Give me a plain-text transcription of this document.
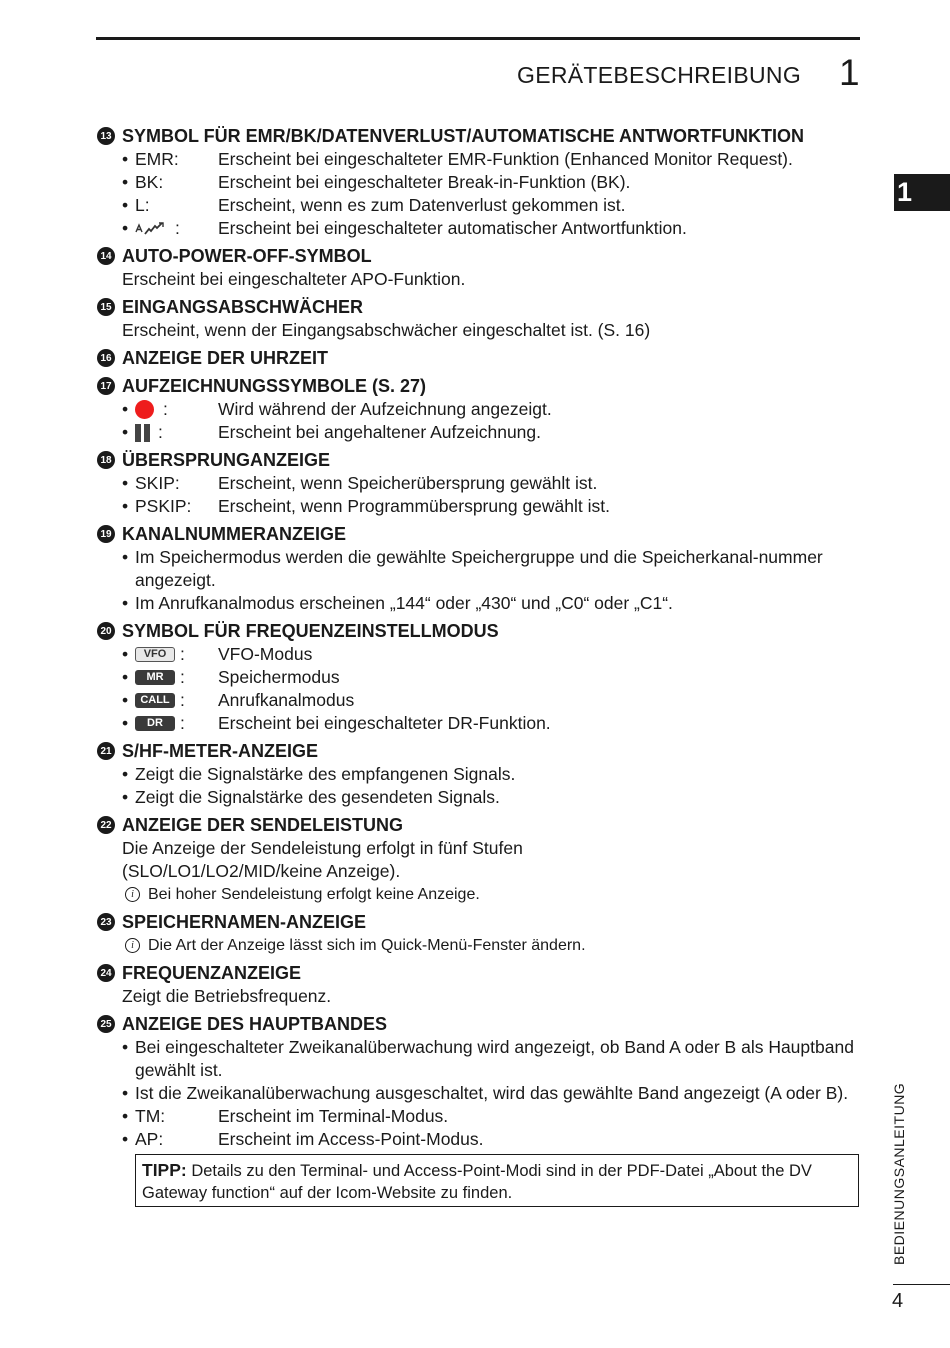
GERÄTEBESCHREIBUNG 1
1
BEDIENUNGSANLEITUNG
4
13 SYMBOL FÜR EMR/BK/DATENVERLUST/AUTOMATISCHE ANTWORTFUNKTION
• EMR:	Erscheint bei eingeschalteter EMR-Funktion (Enhanced Monitor Request).
• BK:	Erscheint bei eingeschalteter Break-in-Funktion (BK).
• L:	Erscheint, wenn es zum Datenverlust gekommen ist.
•	: Erscheint bei eingeschalteter automatischer Antwortfunktion.
14 AUTO-POWER-OFF-SYMBOL
Erscheint bei eingeschalteter APO-Funktion.
15 EINGANGSABSCHWÄCHER
Erscheint, wenn der Eingangsabschwächer eingeschaltet ist. (S. 16)
16 ANZEIGE DER UHRZEIT
17 AUFZEICHNUNGSSYMBOLE (S. 27)
•	:	Wird während der Aufzeichnung angezeigt.
•	:	Erscheint bei angehaltener Aufzeichnung.
18 ÜBERSPRUNGANZEIGE
• SKIP:	Erscheint, wenn Speicherübersprung gewählt ist.
• PSKIP:	Erscheint, wenn Programmübersprung gewählt ist.
19 KANALNUMMERANZEIGE
• Im Speichermodus werden die gewählte Speichergruppe und die Speicherkanal-nummer angezeigt.
• Im Anrufkanalmodus erscheinen „144“ oder „430“ und „C0“ oder „C1“.
20 SYMBOL FÜR FREQUENZEINSTELLMODUS
•	VFO : VFO-Modus
•	MR : Speichermodus
•	CALL : Anrufkanalmodus
•	DR : Erscheint bei eingeschalteter DR-Funktion.
21 S/HF-METER-ANZEIGE
• Zeigt die Signalstärke des empfangenen Signals.
• Zeigt die Signalstärke des gesendeten Signals.
22 ANZEIGE DER SENDELEISTUNG
Die Anzeige der Sendeleistung erfolgt in fünf Stufen
(SLO/LO1/LO2/MID/keine Anzeige).
i Bei hoher Sendeleistung erfolgt keine Anzeige.
23 SPEICHERNAMEN-ANZEIGE
i Die Art der Anzeige lässt sich im Quick-Menü-Fenster ändern.
24 FREQUENZANZEIGE
Zeigt die Betriebsfrequenz.
25 ANZEIGE DES HAUPTBANDES
• Bei eingeschalteter Zweikanalüberwachung wird angezeigt, ob Band A oder B als Hauptband gewählt ist.
• Ist die Zweikanalüberwachung ausgeschaltet, wird das gewählte Band angezeigt (A oder B).
• TM:	Erscheint im Terminal-Modus.
• AP:	Erscheint im Access-Point-Modus.
TIPP: Details zu den Terminal- und Access-Point-Modi sind in der PDF-Datei „About the DV Gateway function“ auf der Icom-Website zu finden.
